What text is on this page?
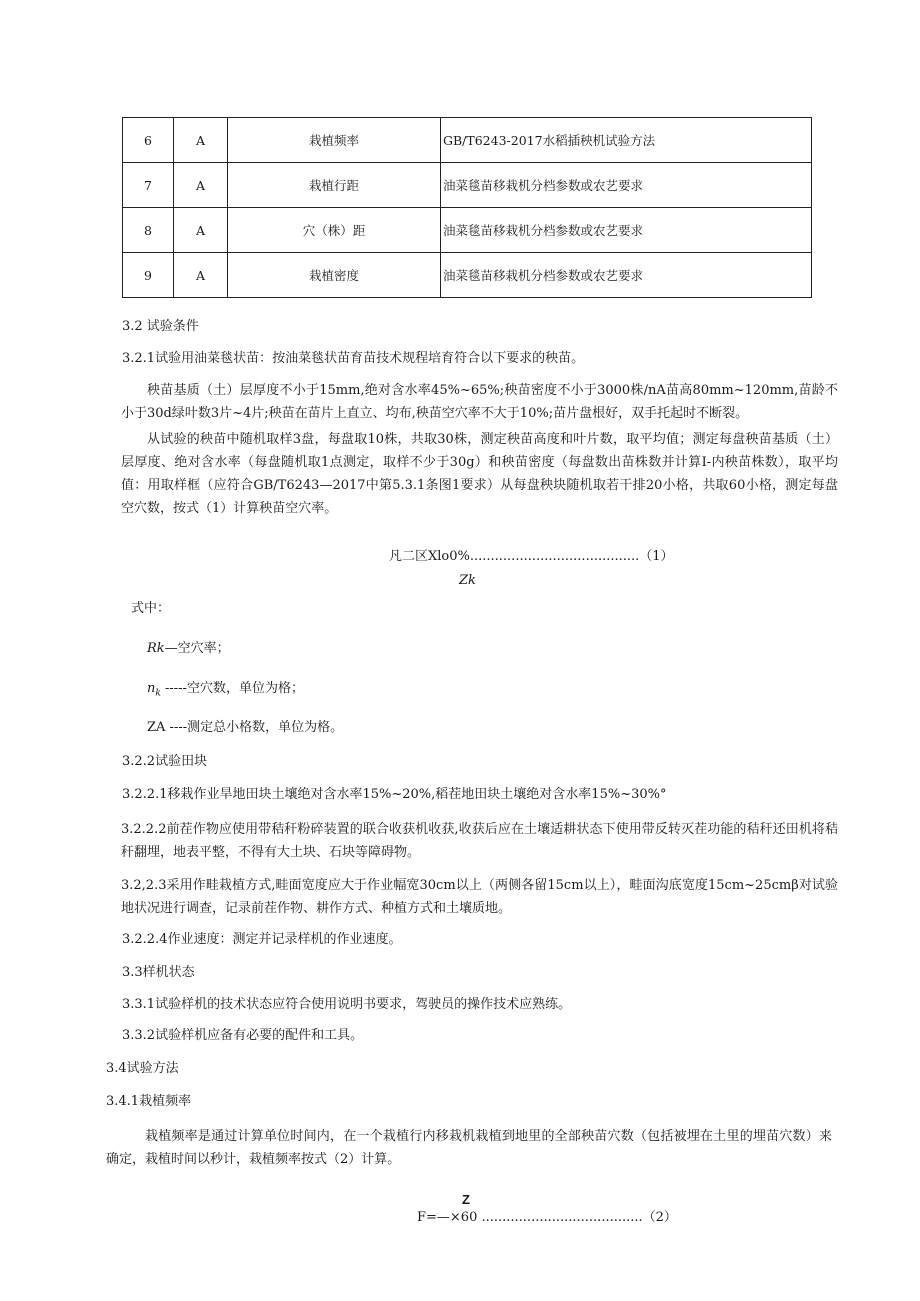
6	A	栽植频率	GB/T6243-2017水稻插秧机试验方法
7	A	栽植行距	油菜毯苗移栽机分档参数或农艺要求
8	A	穴（株）距	油菜毯苗移栽机分档参数或农艺要求
9	A	栽植密度	油菜毯苗移栽机分档参数或农艺要求
3.2 试验条件
3.2.1试验用油菜毯状苗：按油菜毯状苗育苗技术规程培育符合以下要求的秧苗。
秧苗基质（土）层厚度不小于15mm,绝对含水率45%~65%;秧苗密度不小于3000株/nA苗高80mm~120mm,苗龄不小于30d绿叶数3片~4片;秧苗在苗片上直立、均布,秧苗空穴率不大于10%;苗片盘根好，双手托起时不断裂。
从试验的秧苗中随机取样3盘，每盘取10株，共取30株，测定秧苗高度和叶片数，取平均值；测定每盘秧苗基质（土）层厚度、绝对含水率（每盘随机取1点测定，取样不少于30g）和秧苗密度（每盘数出苗株数并计算I-内秧苗株数），取平均值：用取样框（应符合GB/T6243—2017中第5.3.1条图1要求）从每盘秧块随机取若干排20小格，共取60小格，测定每盘空穴数，按式（1）计算秧苗空穴率。
凡二区Xlo0%.........................................（1）
Zk
式中：
Rk—空穴率；
$n_k$ -----空穴数，单位为格；
ZA ----测定总小格数，单位为格。
3.2.2试验田块
3.2.2.1移栽作业旱地田块土壤绝对含水率15%~20%,稻茬地田块土壤绝对含水率15%~30%°
3.2.2.2前茬作物应使用带秸秆粉碎装置的联合收获机收获,收获后应在土壤适耕状态下使用带反转灭茬功能的秸秆还田机将秸秆翻埋，地表平整，不得有大土块、石块等障碍物。
3.2,2.3采用作畦栽植方式,畦面宽度应大于作业幅宽30cm以上（两侧各留15cm以上），畦面沟底宽度15cm~25cmβ对试验地状况进行调查，记录前茬作物、耕作方式、种植方式和土壤质地。
3.2.2.4作业速度：测定并记录样机的作业速度。
3.3样机状态
3.3.1试验样机的技术状态应符合使用说明书要求，驾驶员的操作技术应熟练。
3.3.2试验样机应备有必要的配件和工具。
3.4试验方法
3.4.1栽植频率
栽植频率是通过计算单位时间内，在一个栽植行内移栽机栽植到地里的全部秧苗穴数（包括被埋在土里的埋苗穴数）来确定，栽植时间以秒计，栽植频率按式（2）计算。
Z
F=—×60 .......................................（2）
